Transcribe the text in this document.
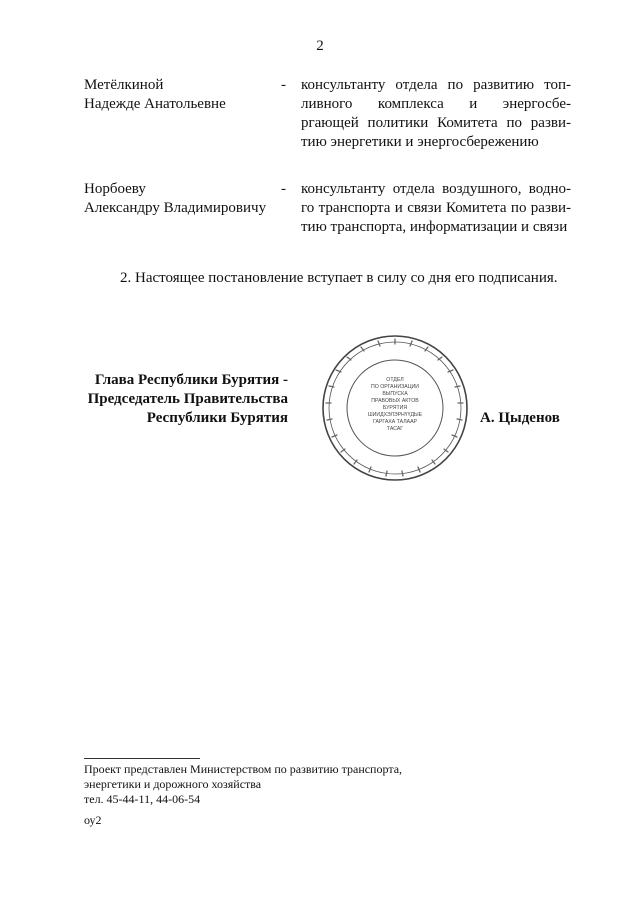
2
Метёлкиной
Надежде Анатольевне
- консультанту отдела по развитию топ-
ливного комплекса и энергосбе-
ргающей политики Комитета по разви-
тию энергетики и энергосбережению
Норбоеву
Александру Владимировичу
- консультанту отдела воздушного, водно-
го транспорта и связи Комитета по разви-
тию транспорта, информатизации и связи
2. Настоящее постановление вступает в силу со дня его подписания.
Глава Республики Бурятия -
Председатель Правительства
Республики Бурятия
ОТДЕЛ
ПО ОРГАНИЗАЦИИ
ВЫПУСКА
ПРАВОВЫХ АКТОВ
БУРЯТИЯ
ШИИДХЭЛЭРНҮҮДЫЕ
ГАРГАХА ТАЛААР
ТАСАГ
А. Цыденов
Проект представлен Министерством по развитию транспорта,
энергетики и дорожного хозяйства
тел. 45-44-11, 44-06-54
оу2
